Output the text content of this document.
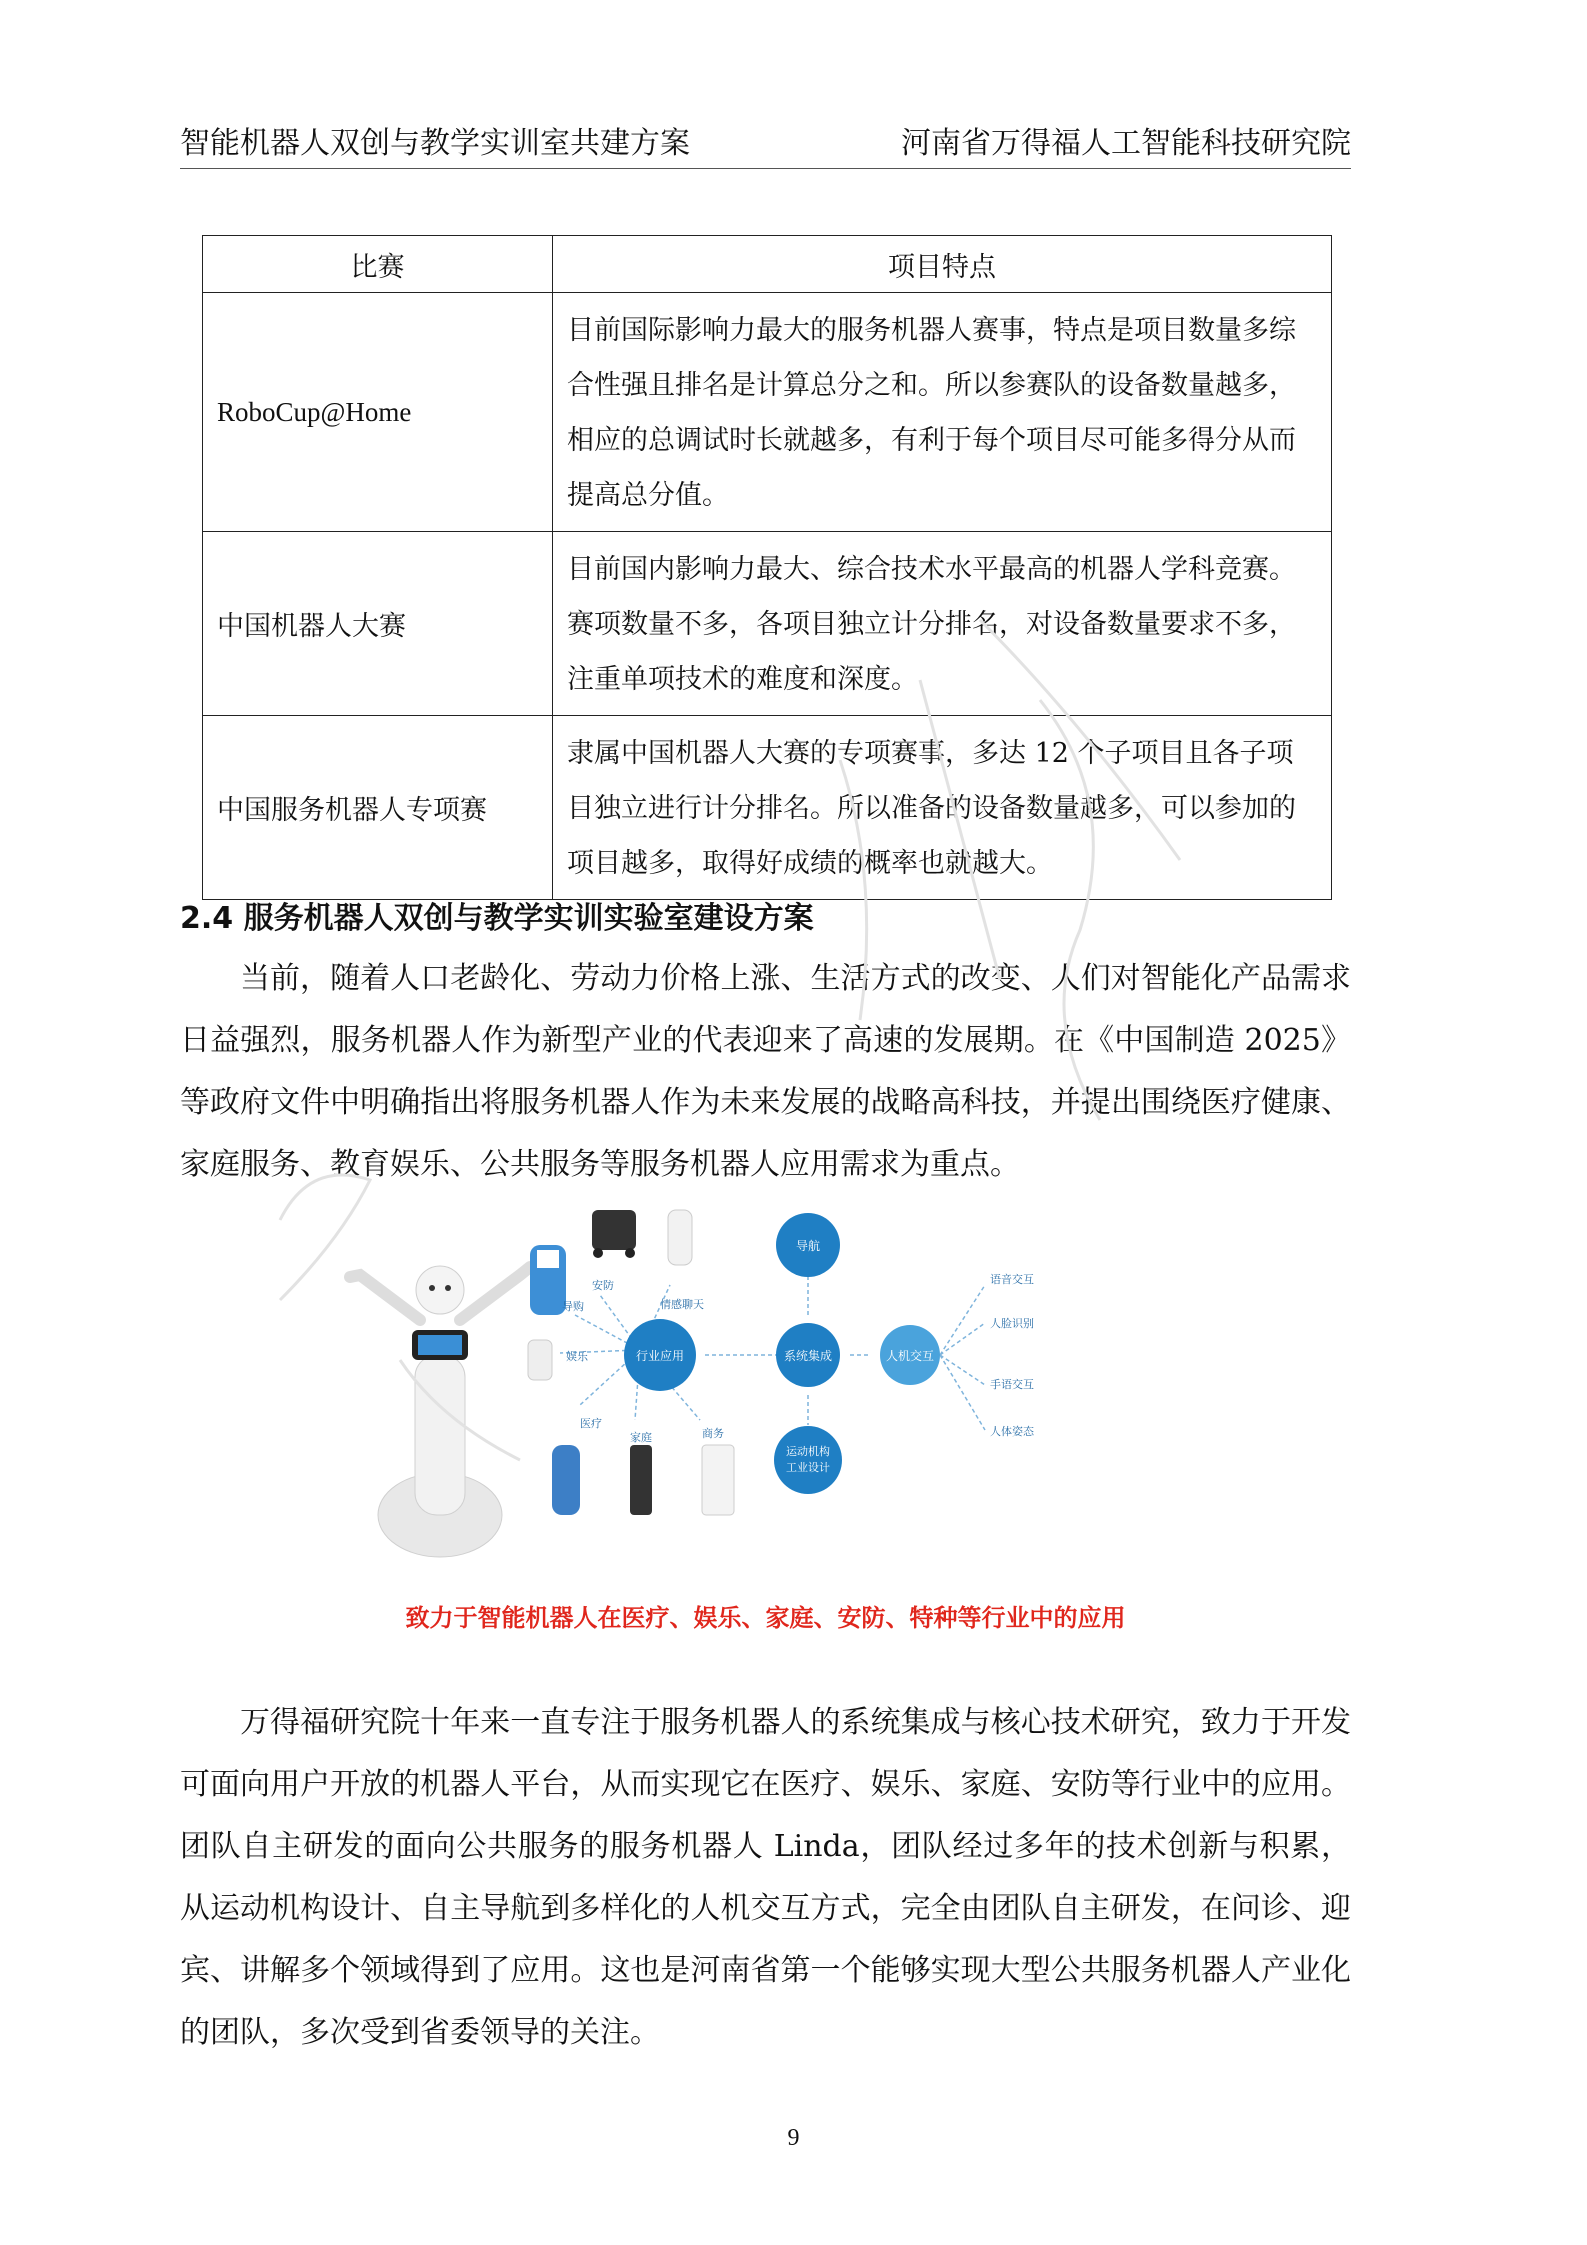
智能机器人双创与教学实训室共建方案	河南省万得福人工智能科技研究院
比赛	项目特点
RoboCup@Home	目前国际影响力最大的服务机器人赛事，特点是项目数量多综合性强且排名是计算总分之和。所以参赛队的设备数量越多，相应的总调试时长就越多，有利于每个项目尽可能多得分从而提高总分值。
中国机器人大赛	目前国内影响力最大、综合技术水平最高的机器人学科竞赛。赛项数量不多，各项目独立计分排名，对设备数量要求不多，注重单项技术的难度和深度。
中国服务机器人专项赛	隶属中国机器人大赛的专项赛事，多达 12 个子项目且各子项目独立进行计分排名。所以准备的设备数量越多，可以参加的项目越多，取得好成绩的概率也就越大。
2.4 服务机器人双创与教学实训实验室建设方案

当前，随着人口老龄化、劳动力价格上涨、生活方式的改变、人们对智能化产品需求日益强烈，服务机器人作为新型产业的代表迎来了高速的发展期。在《中国制造 2025》等政府文件中明确指出将服务机器人作为未来发展的战略高科技，并提出围绕医疗健康、家庭服务、教育娱乐、公共服务等服务机器人应用需求为重点。

安防
情感聊天
导购
娱乐
医疗
家庭	商务
行业应用
导航
系统集成	人机交互
运动机构
工业设计
语音交互
人脸识别
手语交互
人体姿态
致力于智能机器人在医疗、娱乐、家庭、安防、特种等行业中的应用

万得福研究院十年来一直专注于服务机器人的系统集成与核心技术研究，致力于开发可面向用户开放的机器人平台，从而实现它在医疗、娱乐、家庭、安防等行业中的应用。 团队自主研发的面向公共服务的服务机器人 Linda，团队经过多年的技术创新与积累，从运动机构设计、自主导航到多样化的人机交互方式，完全由团队自主研发，在问诊、迎宾、讲解多个领域得到了应用。这也是河南省第一个能够实现大型公共服务机器人产业化的团队，多次受到省委领导的关注。

9
